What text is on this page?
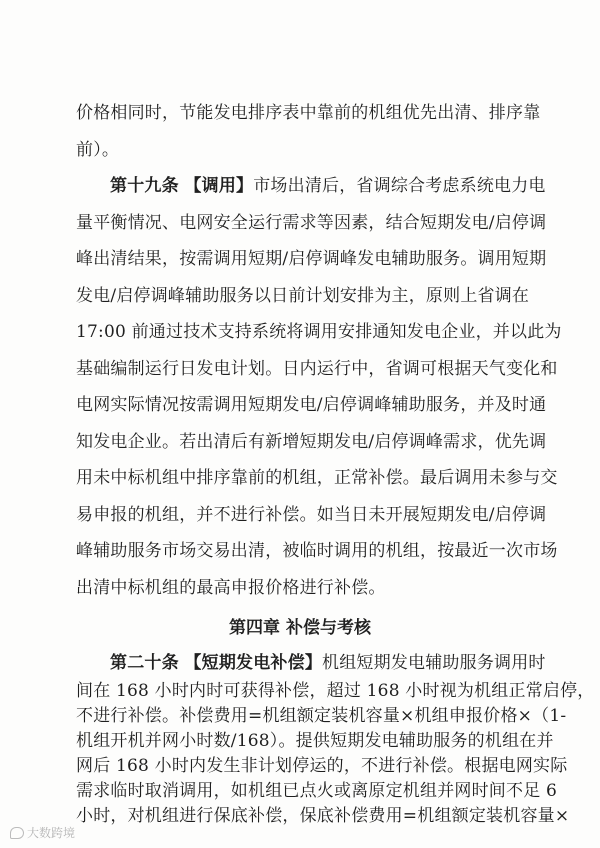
价格相同时，节能发电排序表中靠前的机组优先出清、排序靠
前）。
第十九条 【调用】市场出清后，省调综合考虑系统电力电
量平衡情况、电网安全运行需求等因素，结合短期发电/启停调
峰出清结果，按需调用短期/启停调峰发电辅助服务。调用短期
发电/启停调峰辅助服务以日前计划安排为主，原则上省调在
17:00 前通过技术支持系统将调用安排通知发电企业，并以此为
基础编制运行日发电计划。日内运行中，省调可根据天气变化和
电网实际情况按需调用短期发电/启停调峰辅助服务，并及时通
知发电企业。若出清后有新增短期发电/启停调峰需求，优先调
用未中标机组中排序靠前的机组，正常补偿。最后调用未参与交
易申报的机组，并不进行补偿。如当日未开展短期发电/启停调
峰辅助服务市场交易出清，被临时调用的机组，按最近一次市场
出清中标机组的最高申报价格进行补偿。
第四章 补偿与考核
第二十条 【短期发电补偿】机组短期发电辅助服务调用时
间在 168 小时内时可获得补偿，超过 168 小时视为机组正常启停，
不进行补偿。补偿费用=机组额定装机容量×机组申报价格×（1-
机组开机并网小时数/168）。提供短期发电辅助服务的机组在并
网后 168 小时内发生非计划停运的，不进行补偿。根据电网实际
需求临时取消调用，如机组已点火或离原定机组并网时间不足 6
小时，对机组进行保底补偿，保底补偿费用=机组额定装机容量×
大数跨境
